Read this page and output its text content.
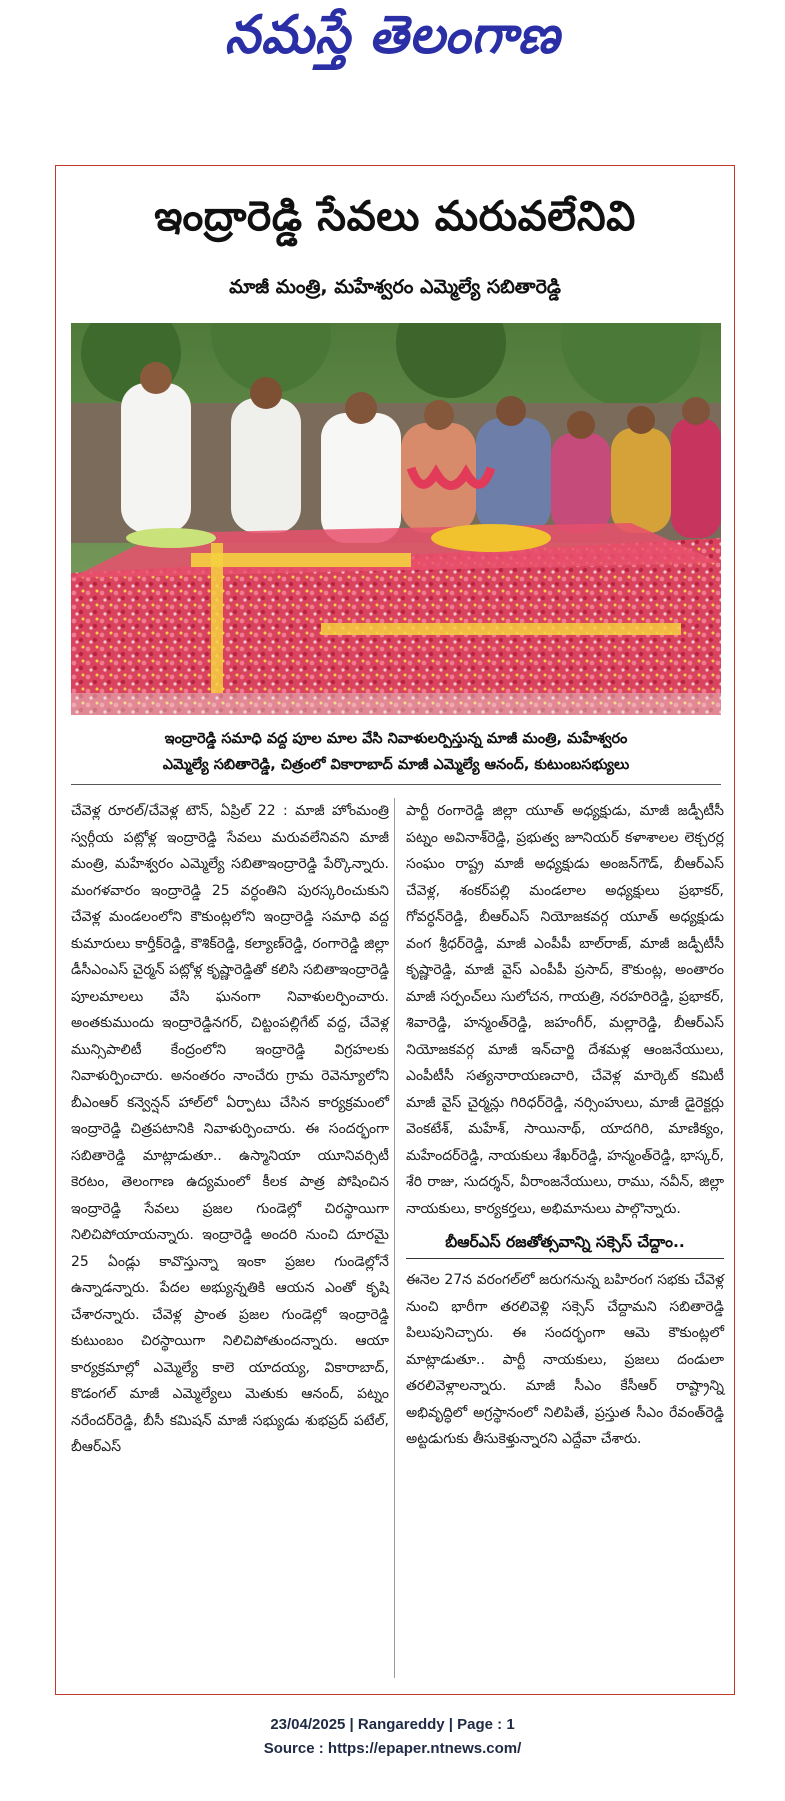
నమస్తే తెలంగాణ
ఇంద్రారెడ్డి సేవలు మరువలేనివి
మాజీ మంత్రి, మహేశ్వరం ఎమ్మెల్యే సబితారెడ్డి

ఇంద్రారెడ్డి సమాధి వద్ద పూల మాల వేసి నివాళులర్పిస్తున్న మాజీ మంత్రి, మహేశ్వరం

ఎమ్మెల్యే సబితారెడ్డి, చిత్రంలో వికారాబాద్ మాజీ ఎమ్మెల్యే ఆనంద్, కుటుంబసభ్యులు

చేవెళ్ల రూరల్/చేవెళ్ల టౌన్, ఏప్రిల్ 22 : మాజీ హోంమంత్రి స్వర్గీయ పట్లోళ్ల ఇంద్రారెడ్డి సేవలు మరువలేనివని మాజీ మంత్రి, మహేశ్వరం ఎమ్మెల్యే సబితాఇంద్రారెడ్డి పేర్కొన్నారు. మంగళవారం ఇంద్రారెడ్డి 25 వర్ధంతిని పురస్కరించుకుని చేవెళ్ల మండలంలోని కౌకుంట్లలోని ఇంద్రారెడ్డి సమాధి వద్ద కుమారులు కార్తీక్‌రెడ్డి, కౌశిక్‌రెడ్డి, కల్యాణ్‌రెడ్డి, రంగారెడ్డి జిల్లా డీసీఎంఎస్ చైర్మన్ పట్లోళ్ల కృష్ణారెడ్డితో కలిసి సబితాఇంద్రారెడ్డి పూలమాలలు వేసి ఘనంగా నివాళులర్పించారు. అంతకుముందు ఇంద్రారెడ్డినగర్, చిట్టంపల్లిగేట్ వద్ద, చేవెళ్ల మున్సిపాలిటీ కేంద్రంలోని ఇంద్రారెడ్డి విగ్రహలకు నివాళుర్పించారు. అనంతరం నాంచేరు గ్రామ రెవెన్యూలోని బీఎంఆర్ కన్వెన్షన్ హాల్‌లో ఏర్పాటు చేసిన కార్యక్రమంలో ఇంద్రారెడ్డి చిత్రపటానికి నివాళుర్పించారు. ఈ సందర్భంగా సబితారెడ్డి మాట్లాడుతూ.. ఉస్మానియా యూనివర్సిటీ కెరటం, తెలంగాణ ఉద్యమంలో కీలక పాత్ర పోషించిన ఇంద్రారెడ్డి సేవలు ప్రజల గుండెల్లో చిరస్థాయిగా నిలిచిపోయాయన్నారు. ఇంద్రారెడ్డి అందరి నుంచి దూరమై 25 ఏండ్లు కావొస్తున్నా ఇంకా ప్రజల గుండెల్లోనే ఉన్నాడన్నారు. పేదల అభ్యున్నతికి ఆయన ఎంతో కృషి చేశారన్నారు. చేవెళ్ల ప్రాంత ప్రజల గుండెల్లో ఇంద్రారెడ్డి కుటుంబం చిరస్థాయిగా నిలిచిపోతుందన్నారు. ఆయా కార్యక్రమాల్లో ఎమ్మెల్యే కాలె యాదయ్య, వికారాబాద్, కొడంగల్ మాజీ ఎమ్మెల్యేలు మెతుకు ఆనంద్, పట్నం నరేందర్‌రెడ్డి, బీసీ కమిషన్ మాజీ సభ్యుడు శుభప్రద్ పటేల్, బీఆర్‌ఎస్

పార్టీ రంగారెడ్డి జిల్లా యూత్ అధ్యక్షుడు, మాజీ జడ్పీటీసీ పట్నం అవినాశ్‌రెడ్డి, ప్రభుత్వ జూనియర్ కళాశాలల లెక్చరర్ల సంఘం రాష్ట్ర మాజీ అధ్యక్షుడు అంజన్‌గౌడ్, బీఆర్‌ఎస్ చేవెళ్ల, శంకర్‌పల్లి మండలాల అధ్యక్షులు ప్రభాకర్, గోవర్ధన్‌రెడ్డి, బీఆర్‌ఎస్ నియోజకవర్గ యూత్ అధ్యక్షుడు వంగ శ్రీధర్‌రెడ్డి, మాజీ ఎంపీపీ బాల్‌రాజ్, మాజీ జడ్పీటీసీ కృష్ణారెడ్డి, మాజీ వైస్ ఎంపీపీ ప్రసాద్, కౌకుంట్ల, అంతారం మాజీ సర్పంచ్‌లు సులోచన, గాయత్రి, నరహరిరెడ్డి, ప్రభాకర్, శివారెడ్డి, హన్మంత్‌రెడ్డి, జహంగీర్, మల్లారెడ్డి, బీఆర్‌ఎస్ నియోజకవర్గ మాజీ ఇన్‌చార్జి దేశమళ్ల ఆంజనేయులు, ఎంపీటీసీ సత్యనారాయణచారి, చేవెళ్ల మార్కెట్ కమిటీ మాజీ వైస్ చైర్మన్లు గిరిధర్‌రెడ్డి, నర్సింహులు, మాజీ డైరెక్టర్లు వెంకటేశ్, మహేశ్, సాయినాథ్, యాదగిరి, మాణిక్యం, మహేందర్‌రెడ్డి, నాయకులు శేఖర్‌రెడ్డి, హన్మంత్‌రెడ్డి, భాస్కర్, శేరి రాజు, సుదర్శన్, వీరాంజనేయులు, రాము, నవీన్, జిల్లా నాయకులు, కార్యకర్తలు, అభిమానులు పాల్గొన్నారు.

బీఆర్‌ఎస్ రజతోత్సవాన్ని సక్సెస్ చేద్దాం..

ఈనెల 27న వరంగల్‌లో జరుగనున్న బహిరంగ సభకు చేవెళ్ల నుంచి భారీగా తరలివెళ్లి సక్సెస్ చేద్దామని సబితారెడ్డి పిలుపునిచ్చారు. ఈ సందర్భంగా ఆమె కౌకుంట్లలో మాట్లాడుతూ.. పార్టీ నాయకులు, ప్రజలు దండులా తరలివెళ్లాలన్నారు. మాజీ సీఎం కేసీఆర్ రాష్ట్రాన్ని అభివృద్ధిలో అగ్రస్థానంలో నిలిపితే, ప్రస్తుత సీఎం రేవంత్‌రెడ్డి అట్టడుగుకు తీసుకెళ్తున్నారని ఎద్దేవా చేశారు.

23/04/2025 | Rangareddy | Page : 1
Source : https://epaper.ntnews.com/
